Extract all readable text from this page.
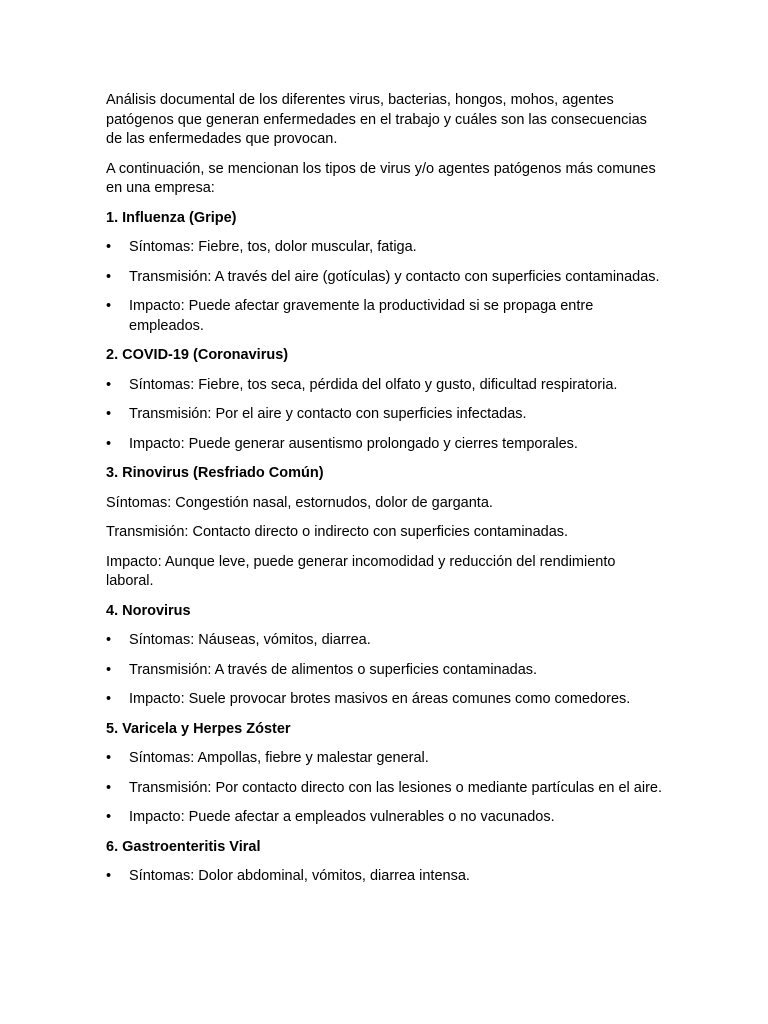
Análisis documental de los diferentes virus, bacterias, hongos, mohos, agentes patógenos que generan enfermedades en el trabajo y cuáles son las consecuencias de las enfermedades que provocan.

A continuación, se mencionan los tipos de virus y/o agentes patógenos más comunes en una empresa:

1. Influenza (Gripe)
• Síntomas: Fiebre, tos, dolor muscular, fatiga.
• Transmisión: A través del aire (gotículas) y contacto con superficies contaminadas.
• Impacto: Puede afectar gravemente la productividad si se propaga entre empleados.
2. COVID-19 (Coronavirus)
• Síntomas: Fiebre, tos seca, pérdida del olfato y gusto, dificultad respiratoria.
• Transmisión: Por el aire y contacto con superficies infectadas.
• Impacto: Puede generar ausentismo prolongado y cierres temporales.
3. Rinovirus (Resfriado Común)

Síntomas: Congestión nasal, estornudos, dolor de garganta.

Transmisión: Contacto directo o indirecto con superficies contaminadas.

Impacto: Aunque leve, puede generar incomodidad y reducción del rendimiento laboral.

4. Norovirus
• Síntomas: Náuseas, vómitos, diarrea.
• Transmisión: A través de alimentos o superficies contaminadas.
• Impacto: Suele provocar brotes masivos en áreas comunes como comedores.
5. Varicela y Herpes Zóster
• Síntomas: Ampollas, fiebre y malestar general.
• Transmisión: Por contacto directo con las lesiones o mediante partículas en el aire.
• Impacto: Puede afectar a empleados vulnerables o no vacunados.
6. Gastroenteritis Viral
• Síntomas: Dolor abdominal, vómitos, diarrea intensa.
